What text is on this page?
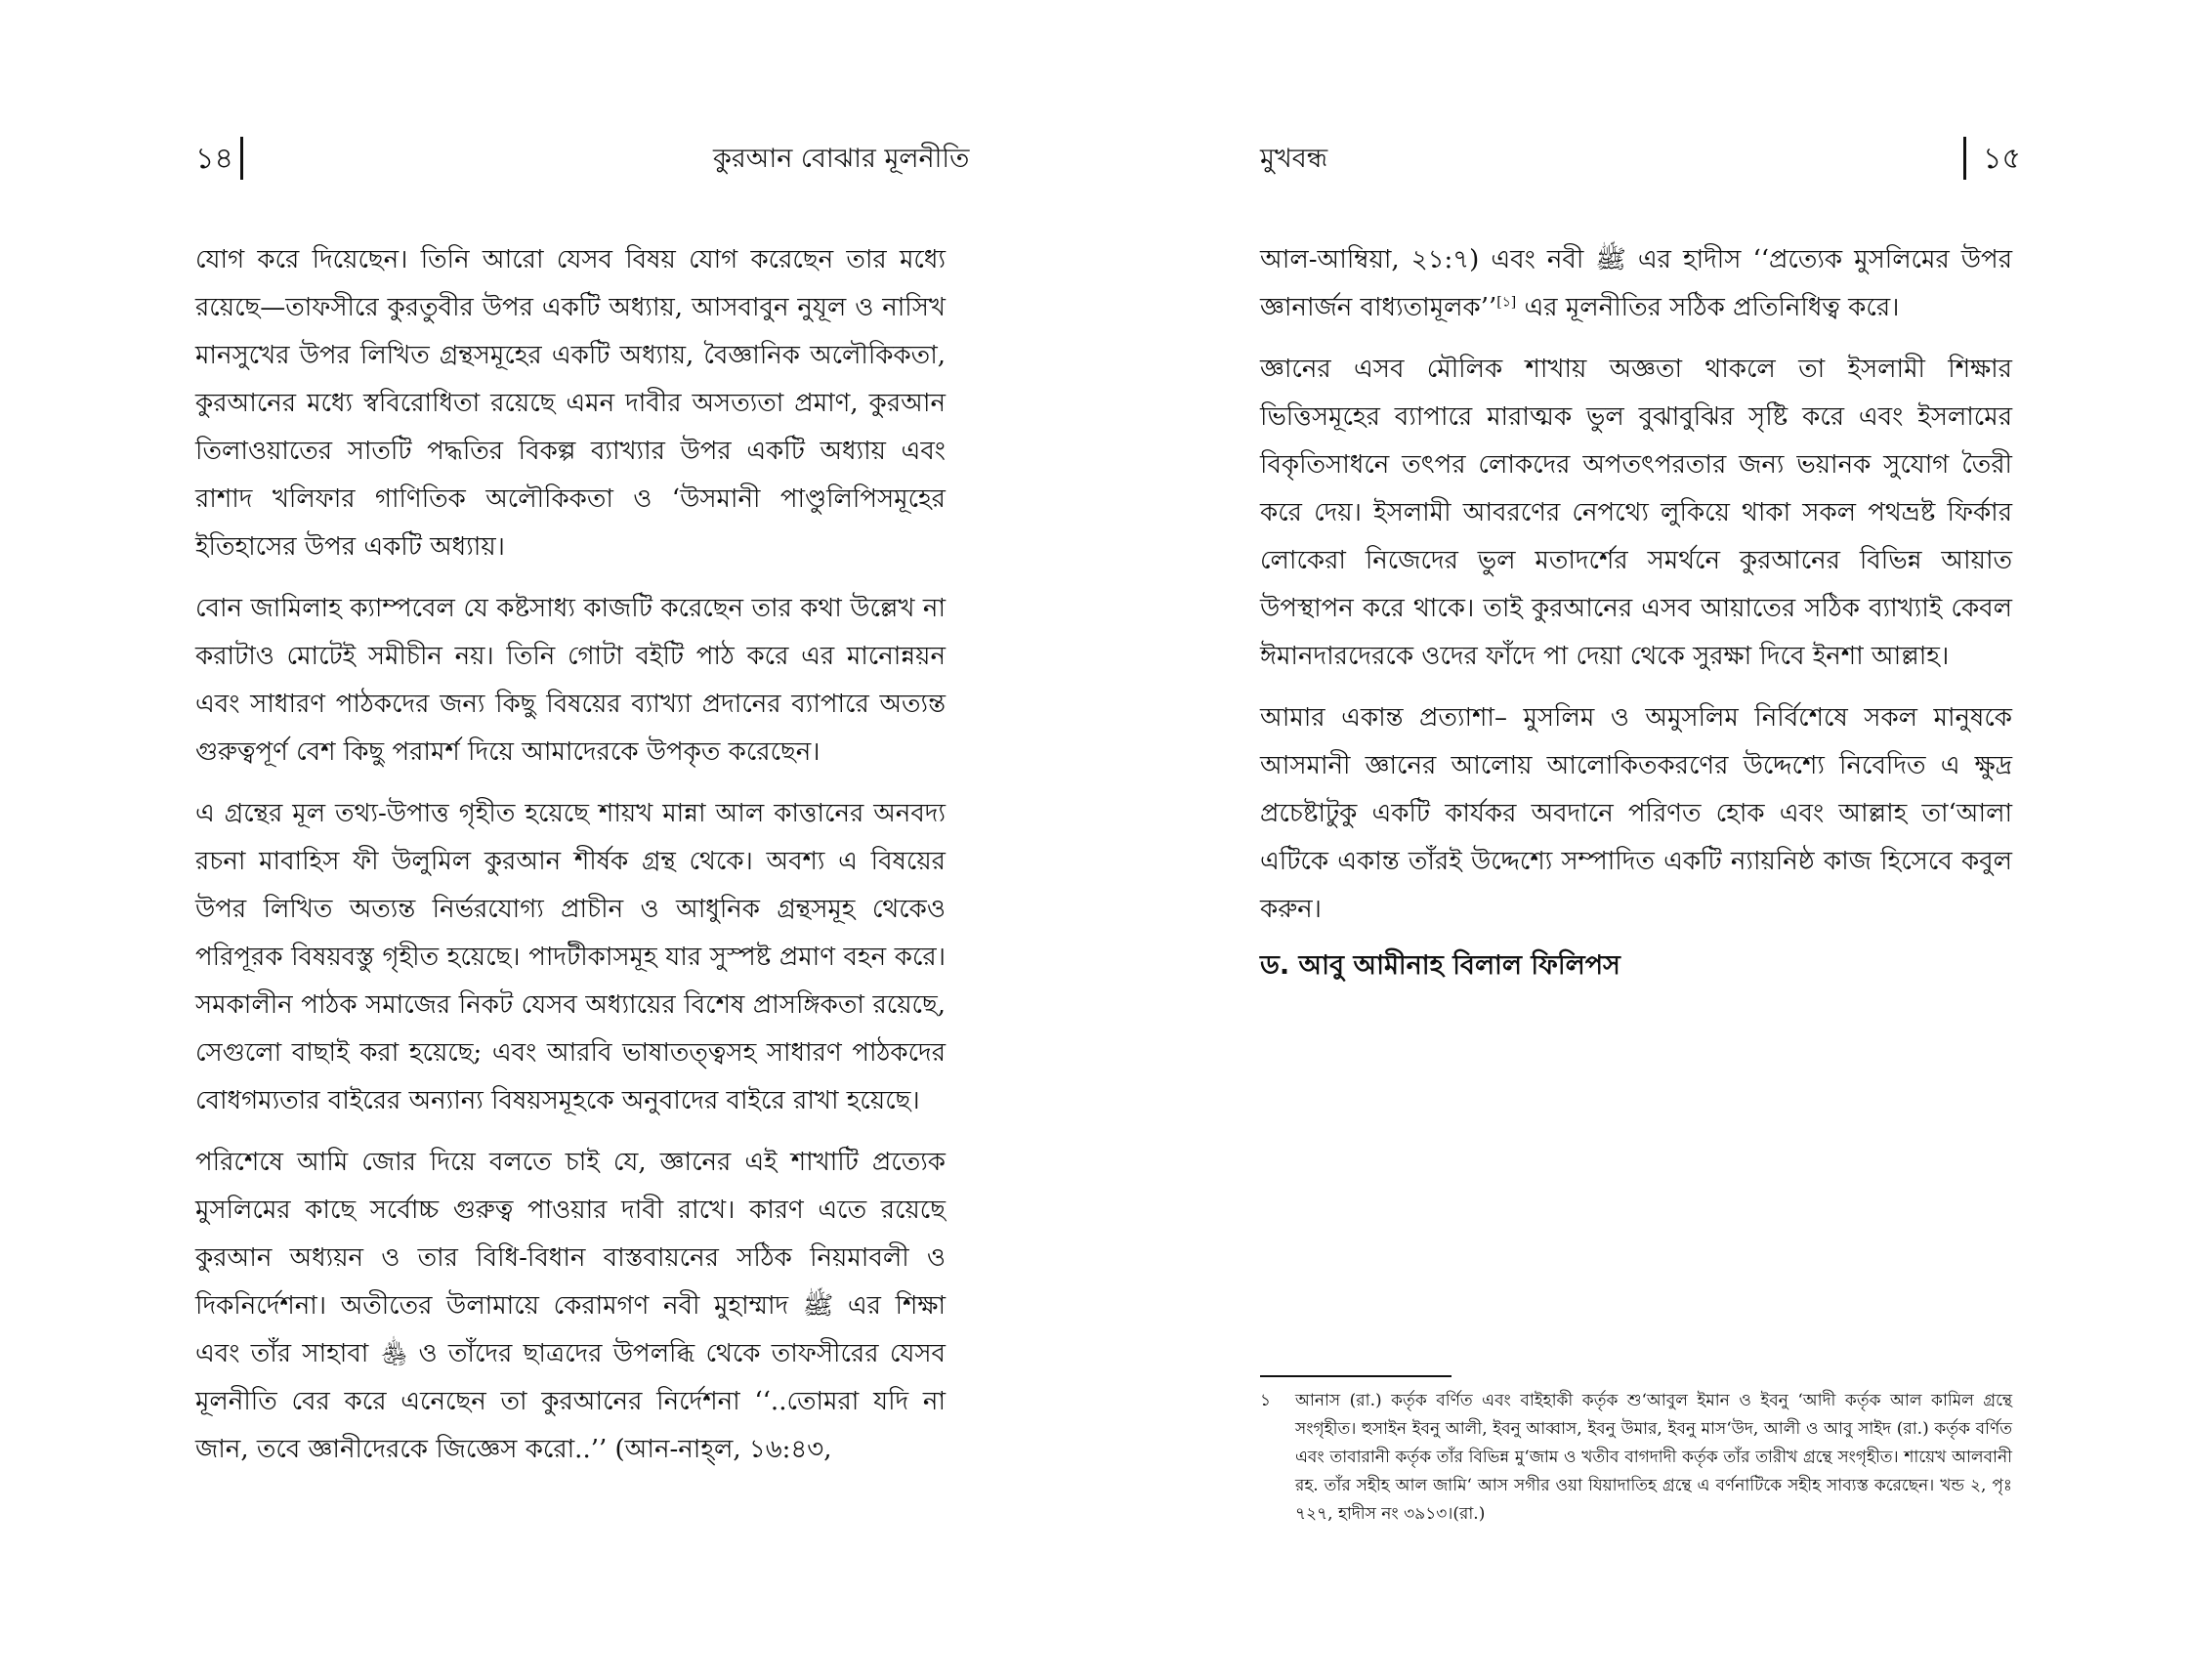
১৪	কুরআন বোঝার মূলনীতি

যোগ করে দিয়েছেন। তিনি আরো যেসব বিষয় যোগ করেছেন তার মধ্যে রয়েছে—তাফসীরে কুরতুবীর উপর একটি অধ্যায়, আসবাবুন নুযূল ও নাসিখ মানসুখের উপর লিখিত গ্রন্থসমূহের একটি অধ্যায়, বৈজ্ঞানিক অলৌকিকতা, কুরআনের মধ্যে স্ববিরোধিতা রয়েছে এমন দাবীর অসত্যতা প্রমাণ, কুরআন তিলাওয়াতের সাতটি পদ্ধতির বিকল্প ব্যাখ্যার উপর একটি অধ্যায় এবং রাশাদ খলিফার গাণিতিক অলৌকিকতা ও ‘উসমানী পাণ্ডুলিপিসমূহের ইতিহাসের উপর একটি অধ্যায়।

বোন জামিলাহ ক্যাম্পবেল যে কষ্টসাধ্য কাজটি করেছেন তার কথা উল্লেখ না করাটাও মোটেই সমীচীন নয়। তিনি গোটা বইটি পাঠ করে এর মানোন্নয়ন এবং সাধারণ পাঠকদের জন্য কিছু বিষয়ের ব্যাখ্যা প্রদানের ব্যাপারে অত্যন্ত গুরুত্বপূর্ণ বেশ কিছু পরামর্শ দিয়ে আমাদেরকে উপকৃত করেছেন।

এ গ্রন্থের মূল তথ্য-উপাত্ত গৃহীত হয়েছে শায়খ মান্না আল কাত্তানের অনবদ্য রচনা মাবাহিস ফী উলুমিল কুরআন শীর্ষক গ্রন্থ থেকে। অবশ্য এ বিষয়ের উপর লিখিত অত্যন্ত নির্ভরযোগ্য প্রাচীন ও আধুনিক গ্রন্থসমূহ থেকেও পরিপূরক বিষয়বস্তু গৃহীত হয়েছে। পাদটীকাসমূহ যার সুস্পষ্ট প্রমাণ বহন করে। সমকালীন পাঠক সমাজের নিকট যেসব অধ্যায়ের বিশেষ প্রাসঙ্গিকতা রয়েছে, সেগুলো বাছাই করা হয়েছে; এবং আরবি ভাষাতত্ত্বসহ সাধারণ পাঠকদের বোধগম্যতার বাইরের অন্যান্য বিষয়সমূহকে অনুবাদের বাইরে রাখা হয়েছে।

পরিশেষে আমি জোর দিয়ে বলতে চাই যে, জ্ঞানের এই শাখাটি প্রত্যেক মুসলিমের কাছে সর্বোচ্চ গুরুত্ব পাওয়ার দাবী রাখে। কারণ এতে রয়েছে কুরআন অধ্যয়ন ও তার বিধি-বিধান বাস্তবায়নের সঠিক নিয়মাবলী ও দিকনির্দেশনা। অতীতের উলামায়ে কেরামগণ নবী মুহাম্মাদ ﷺ এর শিক্ষা এবং তাঁর সাহাবা ﵃ ও তাঁদের ছাত্রদের উপলব্ধি থেকে তাফসীরের যেসব মূলনীতি বের করে এনেছেন তা কুরআনের নির্দেশনা ‘‘..তোমরা যদি না জান, তবে জ্ঞানীদেরকে জিজ্ঞেস করো..’’ (আন-নাহ্‌ল, ১৬:৪৩,

মুখবন্ধ	১৫

আল-আম্বিয়া, ২১:৭) এবং নবী ﷺ এর হাদীস ‘‘প্রত্যেক মুসলিমের উপর জ্ঞানার্জন বাধ্যতামূলক’’[১] এর মূলনীতির সঠিক প্রতিনিধিত্ব করে।

জ্ঞানের এসব মৌলিক শাখায় অজ্ঞতা থাকলে তা ইসলামী শিক্ষার ভিত্তিসমূহের ব্যাপারে মারাত্মক ভুল বুঝাবুঝির সৃষ্টি করে এবং ইসলামের বিকৃতিসাধনে তৎপর লোকদের অপতৎপরতার জন্য ভয়ানক সুযোগ তৈরী করে দেয়। ইসলামী আবরণের নেপথ্যে লুকিয়ে থাকা সকল পথভ্রষ্ট ফির্কার লোকেরা নিজেদের ভুল মতাদর্শের সমর্থনে কুরআনের বিভিন্ন আয়াত উপস্থাপন করে থাকে। তাই কুরআনের এসব আয়াতের সঠিক ব্যাখ্যাই কেবল ঈমানদারদেরকে ওদের ফাঁদে পা দেয়া থেকে সুরক্ষা দিবে ইনশা আল্লাহ।

আমার একান্ত প্রত্যাশা– মুসলিম ও অমুসলিম নির্বিশেষে সকল মানুষকে আসমানী জ্ঞানের আলোয় আলোকিতকরণের উদ্দেশ্যে নিবেদিত এ ক্ষুদ্র প্রচেষ্টাটুকু একটি কার্যকর অবদানে পরিণত হোক এবং আল্লাহ তা‘আলা এটিকে একান্ত তাঁরই উদ্দেশ্যে সম্পাদিত একটি ন্যায়নিষ্ঠ কাজ হিসেবে কবুল করুন।

ড. আবু আমীনাহ বিলাল ফিলিপস
১	আনাস (রা.) কর্তৃক বর্ণিত এবং বাইহাকী কর্তৃক শু‘আবুল ইমান ও ইবনু ‘আদী কর্তৃক আল কামিল গ্রন্থে সংগৃহীত। হুসাইন ইবনু আলী, ইবনু আব্বাস, ইবনু উমার, ইবনু মাস‘উদ, আলী ও আবু সাইদ (রা.) কর্তৃক বর্ণিত এবং তাবারানী কর্তৃক তাঁর বিভিন্ন মু‘জাম ও খতীব বাগদাদী কর্তৃক তাঁর তারীখ গ্রন্থে সংগৃহীত। শায়েখ আলবানী রহ. তাঁর সহীহ আল জামি‘ আস সগীর ওয়া যিয়াদাতিহ গ্রন্থে এ বর্ণনাটিকে সহীহ সাব্যস্ত করেছেন। খন্ড ২, পৃঃ ৭২৭, হাদীস নং ৩৯১৩।(রা.)
